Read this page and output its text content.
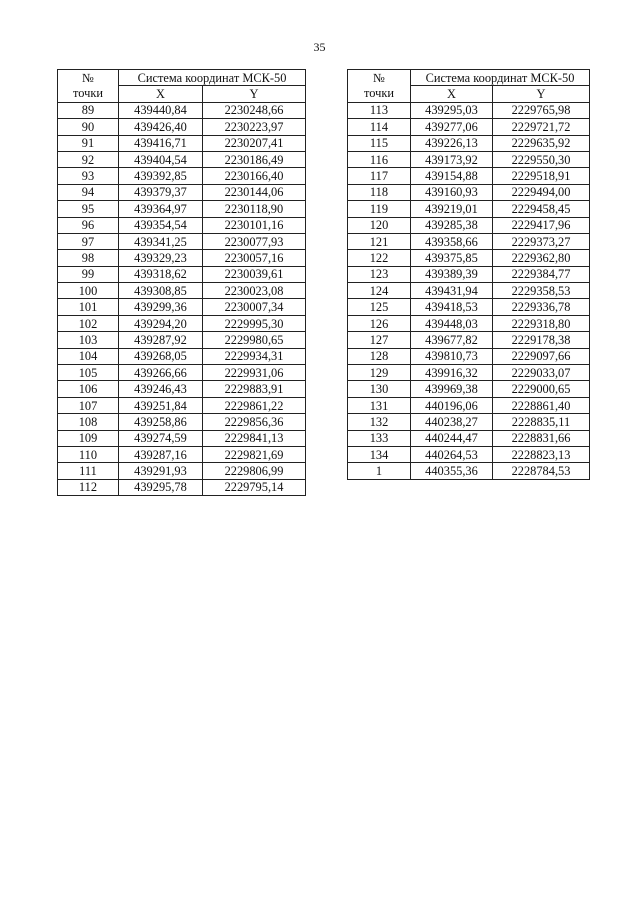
35
№
точки	Система координат МСК-50	
	X	Y
89	439440,84	2230248,66
90	439426,40	2230223,97
91	439416,71	2230207,41
92	439404,54	2230186,49
93	439392,85	2230166,40
94	439379,37	2230144,06
95	439364,97	2230118,90
96	439354,54	2230101,16
97	439341,25	2230077,93
98	439329,23	2230057,16
99	439318,62	2230039,61
100	439308,85	2230023,08
101	439299,36	2230007,34
102	439294,20	2229995,30
103	439287,92	2229980,65
104	439268,05	2229934,31
105	439266,66	2229931,06
106	439246,43	2229883,91
107	439251,84	2229861,22
108	439258,86	2229856,36
109	439274,59	2229841,13
110	439287,16	2229821,69
111	439291,93	2229806,99
112	439295,78	2229795,14
№
точки	Система координат МСК-50	
	X	Y
113	439295,03	2229765,98
114	439277,06	2229721,72
115	439226,13	2229635,92
116	439173,92	2229550,30
117	439154,88	2229518,91
118	439160,93	2229494,00
119	439219,01	2229458,45
120	439285,38	2229417,96
121	439358,66	2229373,27
122	439375,85	2229362,80
123	439389,39	2229384,77
124	439431,94	2229358,53
125	439418,53	2229336,78
126	439448,03	2229318,80
127	439677,82	2229178,38
128	439810,73	2229097,66
129	439916,32	2229033,07
130	439969,38	2229000,65
131	440196,06	2228861,40
132	440238,27	2228835,11
133	440244,47	2228831,66
134	440264,53	2228823,13
1	440355,36	2228784,53
